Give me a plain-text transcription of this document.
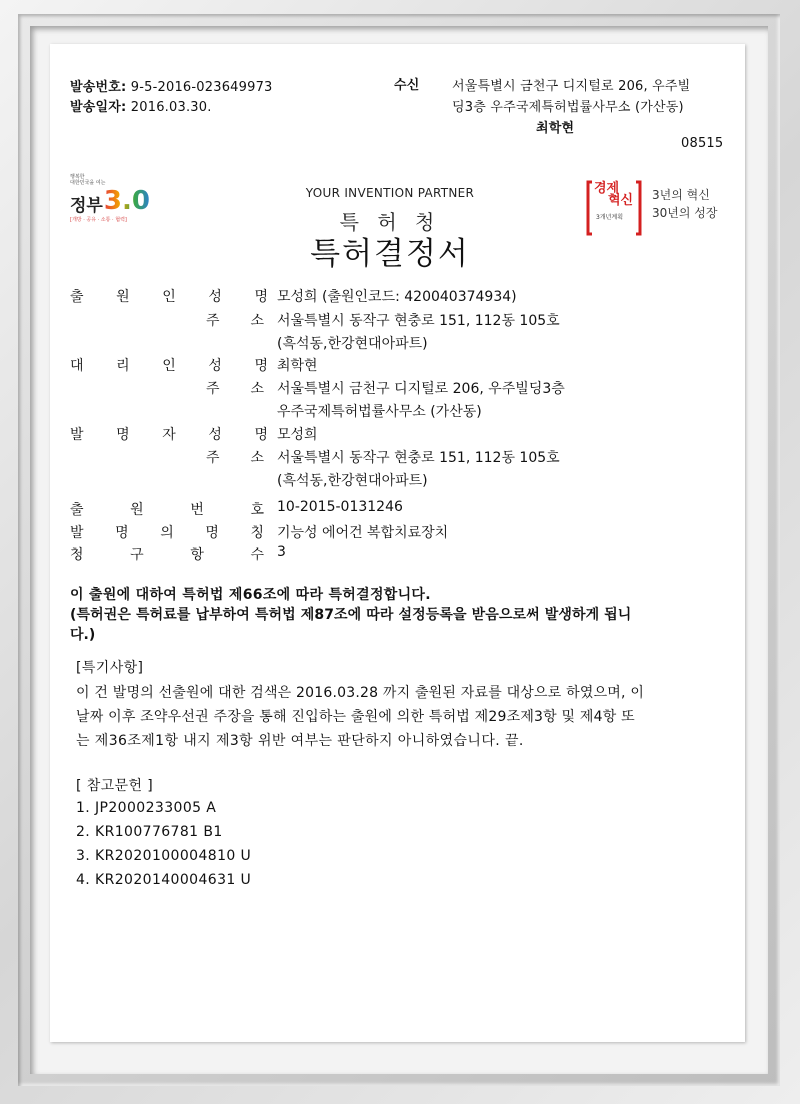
발송번호: 9-5-2016-023649973
발송일자: 2016.03.30.
수신 서울특별시 금천구 디지털로 206, 우주빌
딩3층 우주국제특허법률사무소 (가산동)
최학현
08515
행복한
대한민국을 여는
정부 3.0
[개방 · 공유 · 소통 · 협력]
경제
혁신
3개년계획
3년의 혁신
30년의 성장
YOUR INVENTION PARTNER
특 허 청
특허결정서
출 원 인 성 명 모성희 (출원인코드: 420040374934)
주 소 서울특별시 동작구 현충로 151, 112동 105호
(흑석동,한강현대아파트)
대 리 인 성 명 최학현
주 소 서울특별시 금천구 디지털로 206, 우주빌딩3층
우주국제특허법률사무소 (가산동)
발 명 자 성 명 모성희
주 소 서울특별시 동작구 현충로 151, 112동 105호
(흑석동,한강현대아파트)
출	원	번	호 10-2015-0131246
발 명 의 명 칭 기능성 에어건 복합치료장치
청	구	항	수 3
이 출원에 대하여 특허법 제66조에 따라 특허결정합니다.
(특허권은 특허료를 납부하여 특허법 제87조에 따라 설정등록을 받음으로써 발생하게 됩니
다.)
[특기사항]
이 건 발명의 선출원에 대한 검색은 2016.03.28 까지 출원된 자료를 대상으로 하였으며, 이
날짜 이후 조약우선권 주장을 통해 진입하는 출원에 의한 특허법 제29조제3항 및 제4항 또
는 제36조제1항 내지 제3항 위반 여부는 판단하지 아니하였습니다. 끝.
[ 참고문헌 ]
1. JP2000233005 A
2. KR100776781 B1
3. KR2020100004810 U
4. KR2020140004631 U
